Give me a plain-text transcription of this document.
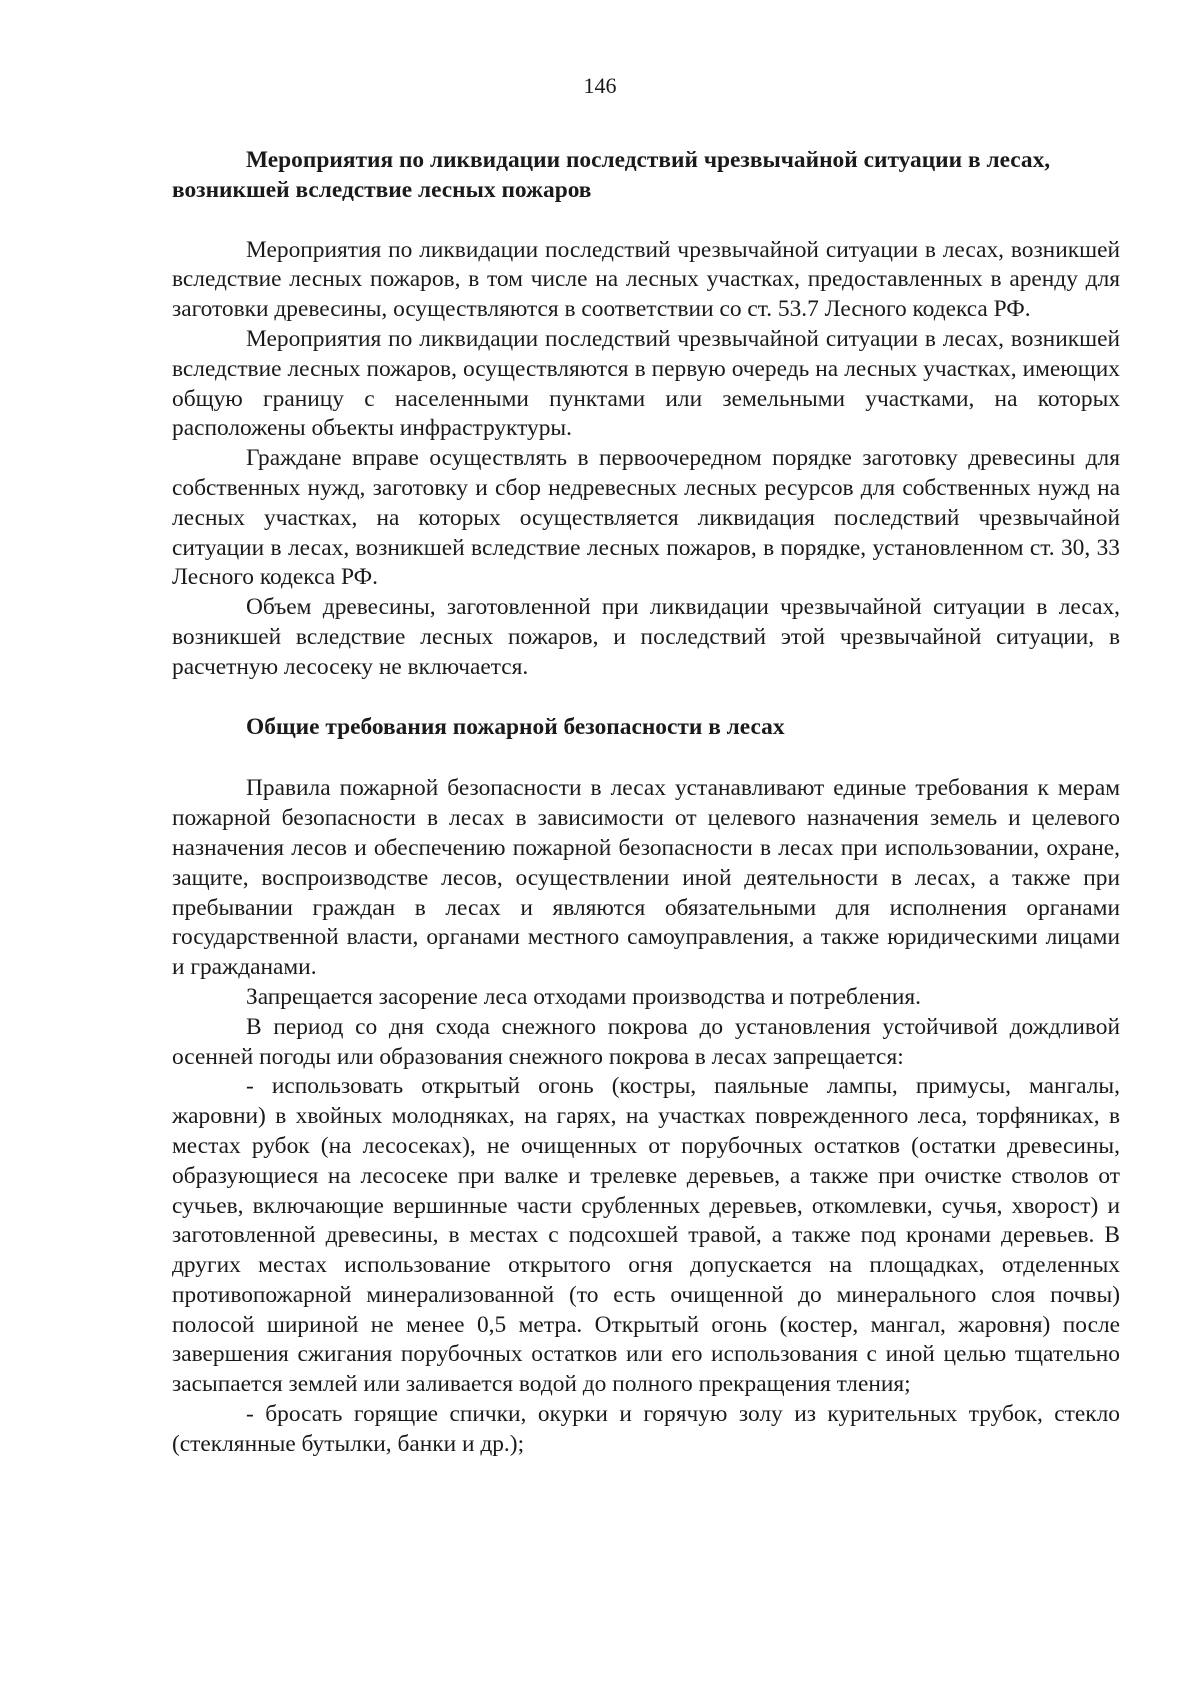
146
Мероприятия по ликвидации последствий чрезвычайной ситуации в лесах, возникшей вследствие лесных пожаров

Мероприятия по ликвидации последствий чрезвычайной ситуации в лесах, возникшей вследствие лесных пожаров, в том числе на лесных участках, предоставленных в аренду для заготовки древесины, осуществляются в соответствии со ст. 53.7 Лесного кодекса РФ.

Мероприятия по ликвидации последствий чрезвычайной ситуации в лесах, возникшей вследствие лесных пожаров, осуществляются в первую очередь на лесных участках, имеющих общую границу с населенными пунктами или земельными участками, на которых расположены объекты инфраструктуры.

Граждане вправе осуществлять в первоочередном порядке заготовку древесины для собственных нужд, заготовку и сбор недревесных лесных ресурсов для собственных нужд на лесных участках, на которых осуществляется ликвидация последствий чрезвычайной ситуации в лесах, возникшей вследствие лесных пожаров, в порядке, установленном ст. 30, 33 Лесного кодекса РФ.

Объем древесины, заготовленной при ликвидации чрезвычайной ситуации в лесах, возникшей вследствие лесных пожаров, и последствий этой чрезвычайной ситуации, в расчетную лесосеку не включается.

Общие требования пожарной безопасности в лесах

Правила пожарной безопасности в лесах устанавливают единые требования к мерам пожарной безопасности в лесах в зависимости от целевого назначения земель и целевого назначения лесов и обеспечению пожарной безопасности в лесах при использовании, охране, защите, воспроизводстве лесов, осуществлении иной деятельности в лесах, а также при пребывании граждан в лесах и являются обязательными для исполнения органами государственной власти, органами местного самоуправления, а также юридическими лицами и гражданами.

Запрещается засорение леса отходами производства и потребления.

В период со дня схода снежного покрова до установления устойчивой дождливой осенней погоды или образования снежного покрова в лесах запрещается:

- использовать открытый огонь (костры, паяльные лампы, примусы, мангалы, жаровни) в хвойных молодняках, на гарях, на участках поврежденного леса, торфяниках, в местах рубок (на лесосеках), не очищенных от порубочных остатков (остатки древесины, образующиеся на лесосеке при валке и трелевке деревьев, а также при очистке стволов от сучьев, включающие вершинные части срубленных деревьев, откомлевки, сучья, хворост) и заготовленной древесины, в местах с подсохшей травой, а также под кронами деревьев. В других местах использование открытого огня допускается на площадках, отделенных противопожарной минерализованной (то есть очищенной до минерального слоя почвы) полосой шириной не менее 0,5 метра. Открытый огонь (костер, мангал, жаровня) после завершения сжигания порубочных остатков или его использования с иной целью тщательно засыпается землей или заливается водой до полного прекращения тления;

- бросать горящие спички, окурки и горячую золу из курительных трубок, стекло (стеклянные бутылки, банки и др.);
